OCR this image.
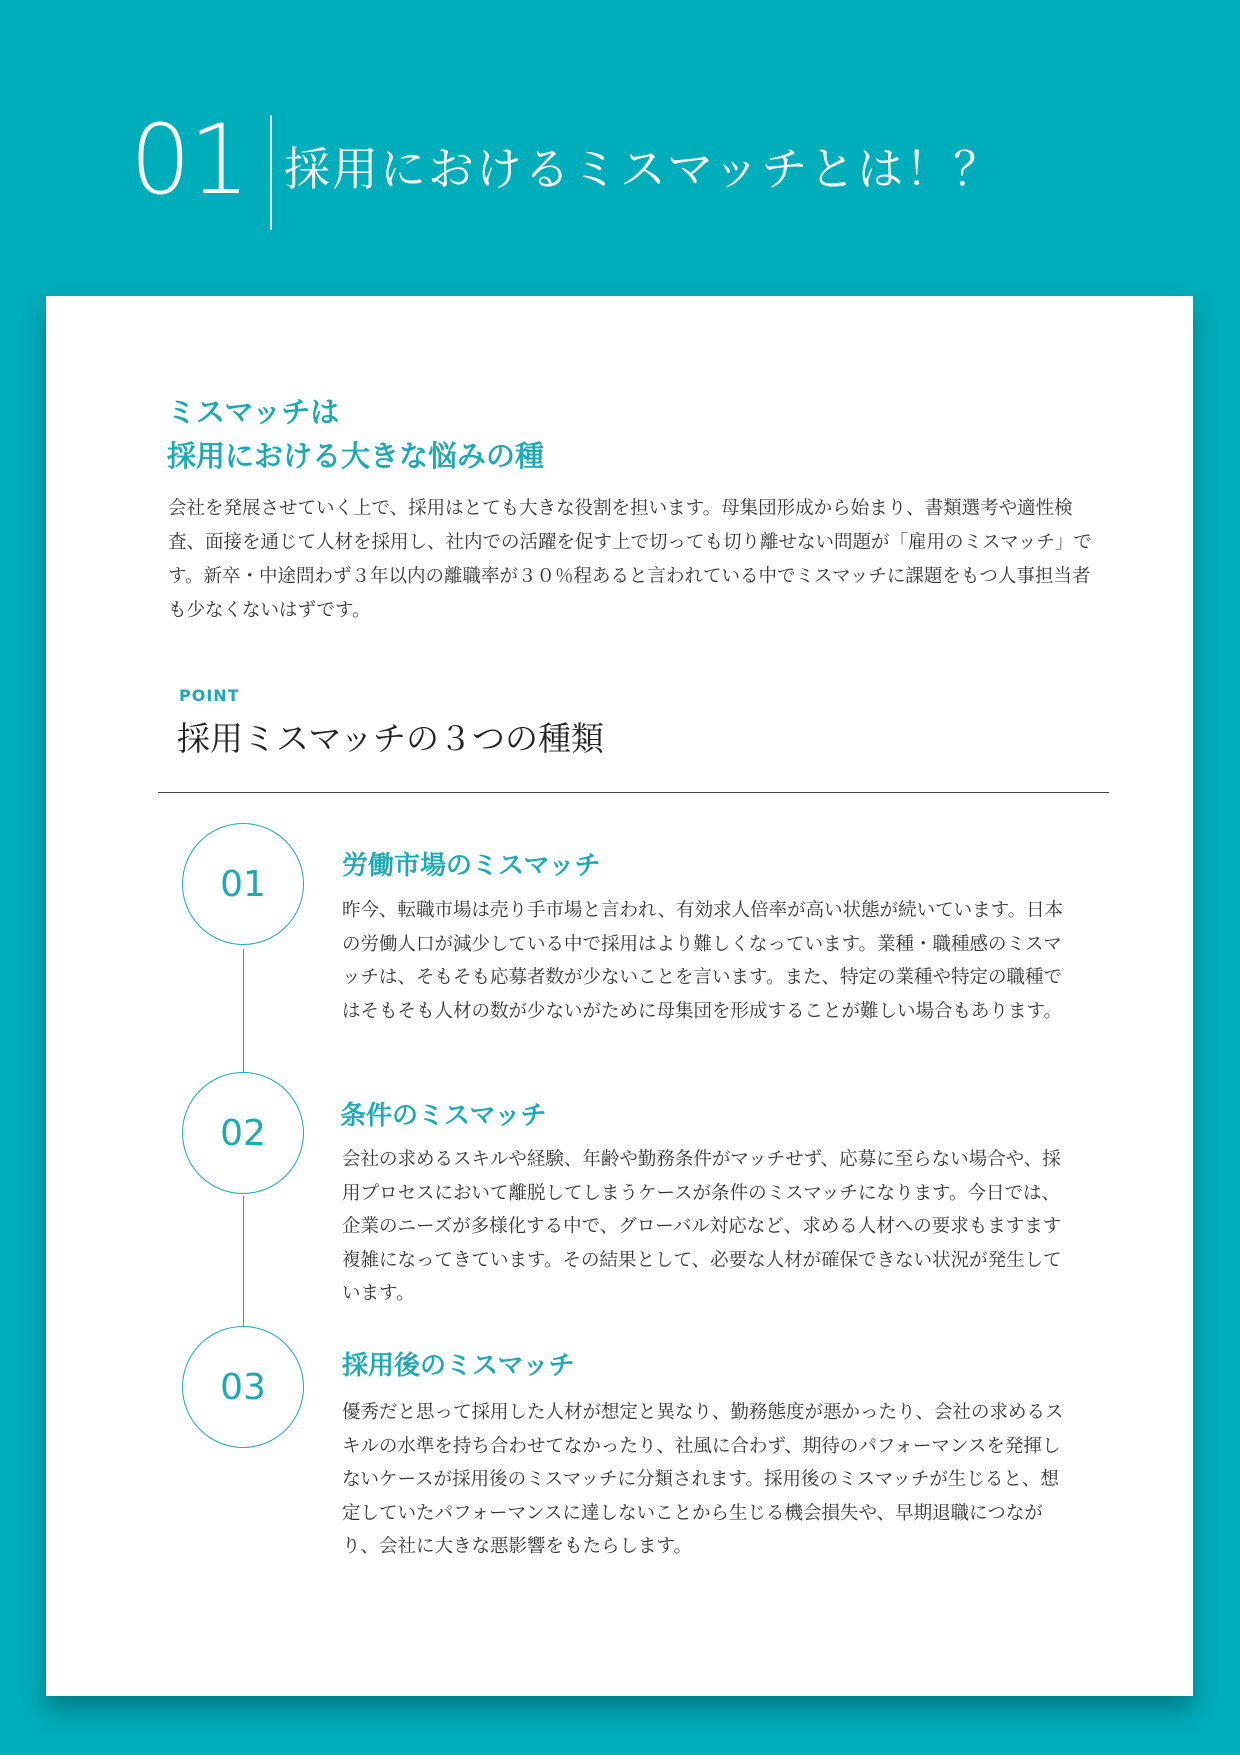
01 採用におけるミスマッチとは！？
ミスマッチは
採用における大きな悩みの種

会社を発展させていく上で、採用はとても大きな役割を担います。母集団形成から始まり、書類選考や適性検査、面接を通じて人材を採用し、社内での活躍を促す上で切っても切り離せない問題が「雇用のミスマッチ」です。新卒・中途問わず３年以内の離職率が３０％程あると言われている中でミスマッチに課題をもつ人事担当者も少なくないはずです。

POINT
採用ミスマッチの３つの種類
01	労働市場のミスマッチ

昨今、転職市場は売り手市場と言われ、有効求人倍率が高い状態が続いています。日本の労働人口が減少している中で採用はより難しくなっています。業種・職種感のミスマッチは、そもそも応募者数が少ないことを言います。また、特定の業種や特定の職種ではそもそも人材の数が少ないがために母集団を形成することが難しい場合もあります。

02	条件のミスマッチ

会社の求めるスキルや経験、年齢や勤務条件がマッチせず、応募に至らない場合や、採用プロセスにおいて離脱してしまうケースが条件のミスマッチになります。今日では、企業のニーズが多様化する中で、グローバル対応など、求める人材への要求もますます複雑になってきています。その結果として、必要な人材が確保できない状況が発生しています。

03
採用後のミスマッチ

優秀だと思って採用した人材が想定と異なり、勤務態度が悪かったり、会社の求めるスキルの水準を持ち合わせてなかったり、社風に合わず、期待のパフォーマンスを発揮しないケースが採用後のミスマッチに分類されます。採用後のミスマッチが生じると、想定していたパフォーマンスに達しないことから生じる機会損失や、早期退職につながり、会社に大きな悪影響をもたらします。
